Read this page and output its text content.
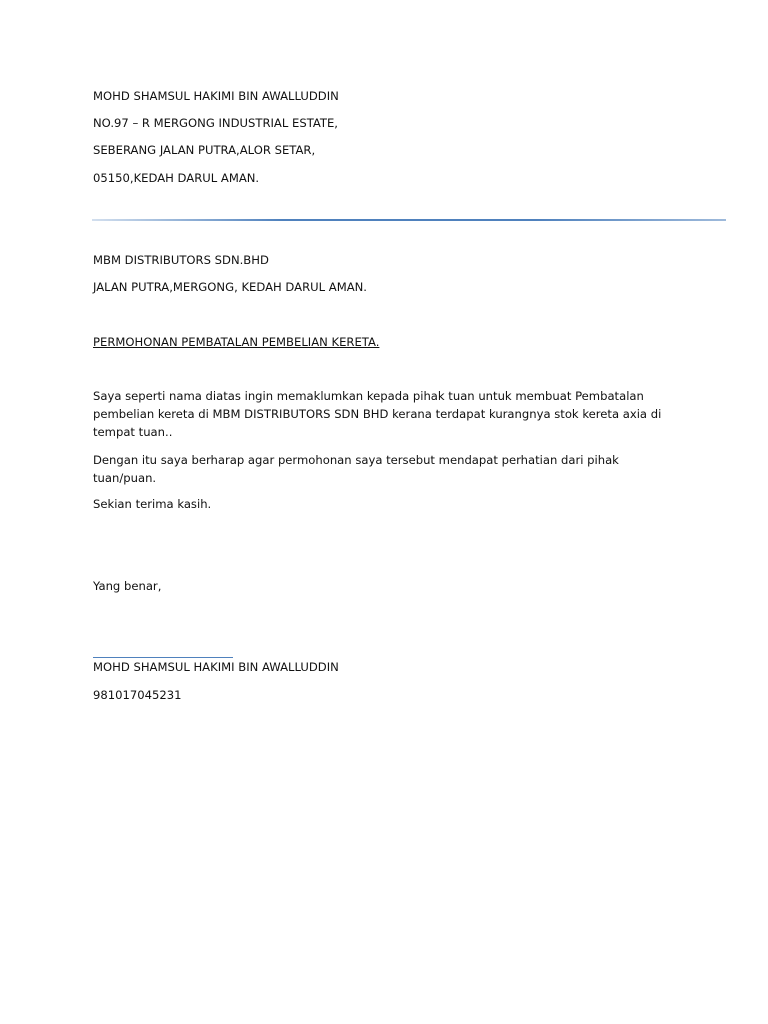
MOHD SHAMSUL HAKIMI BIN AWALLUDDIN
NO.97 – R MERGONG INDUSTRIAL ESTATE,
SEBERANG JALAN PUTRA,ALOR SETAR,
05150,KEDAH DARUL AMAN.
MBM DISTRIBUTORS SDN.BHD
JALAN PUTRA,MERGONG, KEDAH DARUL AMAN.
PERMOHONAN PEMBATALAN PEMBELIAN KERETA.

Saya seperti nama diatas ingin memaklumkan kepada pihak tuan untuk membuat Pembatalan pembelian kereta di MBM DISTRIBUTORS SDN BHD kerana terdapat kurangnya stok kereta axia di tempat tuan..

Dengan itu saya berharap agar permohonan saya tersebut mendapat perhatian dari pihak tuan/puan.

Sekian terima kasih.
Yang benar,
MOHD SHAMSUL HAKIMI BIN AWALLUDDIN
981017045231
